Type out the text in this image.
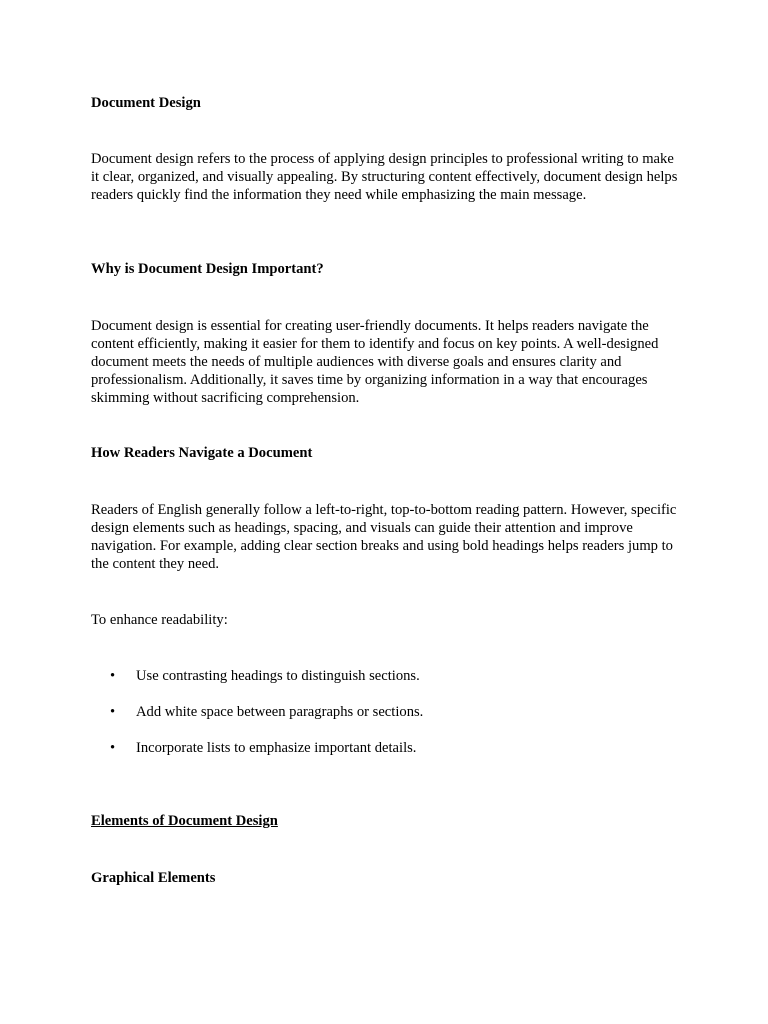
Document Design

Document design refers to the process of applying design principles to professional writing to make it clear, organized, and visually appealing. By structuring content effectively, document design helps readers quickly find the information they need while emphasizing the main message.

Why is Document Design Important?

Document design is essential for creating user-friendly documents. It helps readers navigate the content efficiently, making it easier for them to identify and focus on key points. A well-designed document meets the needs of multiple audiences with diverse goals and ensures clarity and professionalism. Additionally, it saves time by organizing information in a way that encourages skimming without sacrificing comprehension.

How Readers Navigate a Document

Readers of English generally follow a left-to-right, top-to-bottom reading pattern. However, specific design elements such as headings, spacing, and visuals can guide their attention and improve navigation. For example, adding clear section breaks and using bold headings helps readers jump to the content they need.

To enhance readability:

• Use contrasting headings to distinguish sections.
• Add white space between paragraphs or sections.
• Incorporate lists to emphasize important details.

Elements of Document Design

Graphical Elements
